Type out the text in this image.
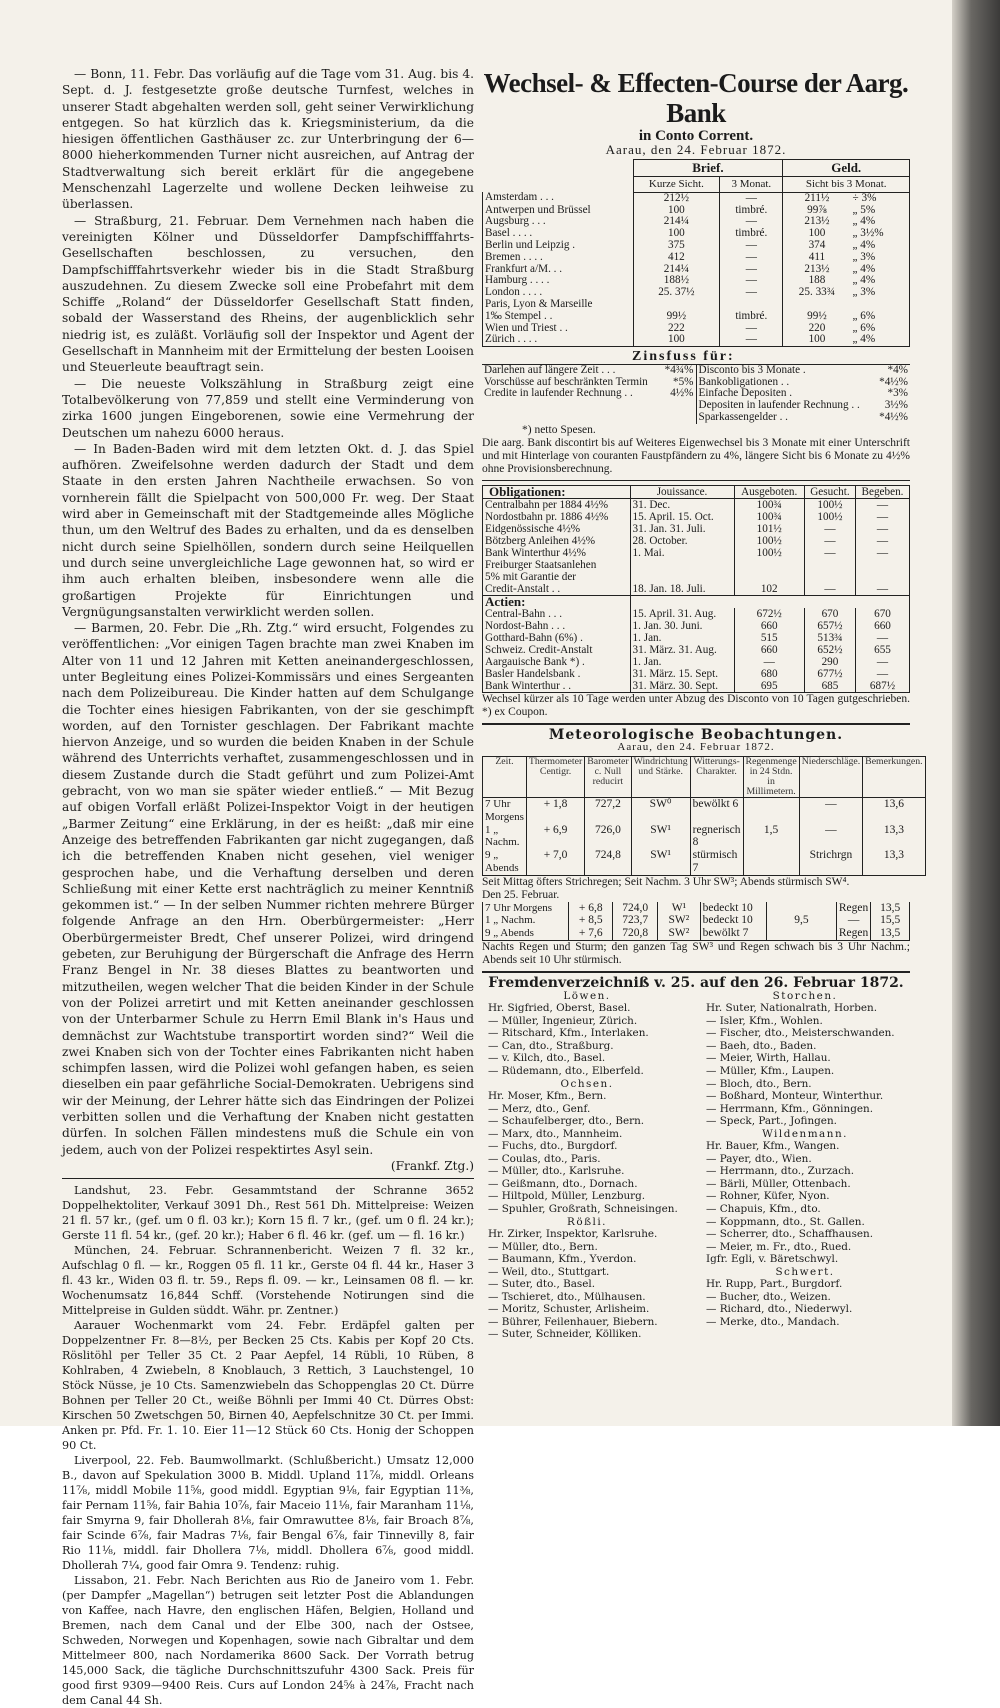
— Bonn, 11. Febr. Das vorläufig auf die Tage vom 31. Aug. bis 4. Sept. d. J. festgesetzte große deutsche Turnfest, welches in unserer Stadt abgehalten werden soll, geht seiner Verwirklichung entgegen. So hat kürzlich das k. Kriegsministerium, da die hiesigen öffentlichen Gasthäuser zc. zur Unterbringung der 6—8000 hieherkommenden Turner nicht ausreichen, auf Antrag der Stadtverwaltung sich bereit erklärt für die angegebene Menschenzahl Lagerzelte und wollene Decken leihweise zu überlassen.

— Straßburg, 21. Februar. Dem Vernehmen nach haben die vereinigten Kölner und Düsseldorfer Dampfschifffahrts-Gesellschaften beschlossen, zu versuchen, den Dampfschifffahrtsverkehr wieder bis in die Stadt Straßburg auszudehnen. Zu diesem Zwecke soll eine Probefahrt mit dem Schiffe „Roland“ der Düsseldorfer Gesellschaft Statt finden, sobald der Wasserstand des Rheins, der augenblicklich sehr niedrig ist, es zuläßt. Vorläufig soll der Inspektor und Agent der Gesellschaft in Mannheim mit der Ermittelung der besten Looisen und Steuerleute beauftragt sein.

— Die neueste Volkszählung in Straßburg zeigt eine Totalbevölkerung von 77,859 und stellt eine Verminderung von zirka 1600 jungen Eingeborenen, sowie eine Vermehrung der Deutschen um nahezu 6000 heraus.

— In Baden-Baden wird mit dem letzten Okt. d. J. das Spiel aufhören. Zweifelsohne werden dadurch der Stadt und dem Staate in den ersten Jahren Nachtheile erwachsen. So von vornherein fällt die Spielpacht von 500,000 Fr. weg. Der Staat wird aber in Gemeinschaft mit der Stadtgemeinde alles Mögliche thun, um den Weltruf des Bades zu erhalten, und da es denselben nicht durch seine Spielhöllen, sondern durch seine Heilquellen und durch seine unvergleichliche Lage gewonnen hat, so wird er ihm auch erhalten bleiben, insbesondere wenn alle die großartigen Projekte für Einrichtungen und Vergnügungsanstalten verwirklicht werden sollen.

— Barmen, 20. Febr. Die „Rh. Ztg.“ wird ersucht, Folgendes zu veröffentlichen: „Vor einigen Tagen brachte man zwei Knaben im Alter von 11 und 12 Jahren mit Ketten aneinandergeschlossen, unter Begleitung eines Polizei-Kommissärs und eines Sergeanten nach dem Polizeibureau. Die Kinder hatten auf dem Schulgange die Tochter eines hiesigen Fabrikanten, von der sie geschimpft worden, auf den Tornister geschlagen. Der Fabrikant machte hiervon Anzeige, und so wurden die beiden Knaben in der Schule während des Unterrichts verhaftet, zusammengeschlossen und in diesem Zustande durch die Stadt geführt und zum Polizei-Amt gebracht, von wo man sie später wieder entließ.“ — Mit Bezug auf obigen Vorfall erläßt Polizei-Inspektor Voigt in der heutigen „Barmer Zeitung“ eine Erklärung, in der es heißt: „daß mir eine Anzeige des betreffenden Fabrikanten gar nicht zugegangen, daß ich die betreffenden Knaben nicht gesehen, viel weniger gesprochen habe, und die Verhaftung derselben und deren Schließung mit einer Kette erst nachträglich zu meiner Kenntniß gekommen ist.“ — In der selben Nummer richten mehrere Bürger folgende Anfrage an den Hrn. Oberbürgermeister: „Herr Oberbürgermeister Bredt, Chef unserer Polizei, wird dringend gebeten, zur Beruhigung der Bürgerschaft die Anfrage des Herrn Franz Bengel in Nr. 38 dieses Blattes zu beantworten und mitzutheilen, wegen welcher That die beiden Kinder in der Schule von der Polizei arretirt und mit Ketten aneinander geschlossen von der Unterbarmer Schule zu Herrn Emil Blank in's Haus und demnächst zur Wachtstube transportirt worden sind?“ Weil die zwei Knaben sich von der Tochter eines Fabrikanten nicht haben schimpfen lassen, wird die Polizei wohl gefangen haben, es seien dieselben ein paar gefährliche Social-Demokraten. Uebrigens sind wir der Meinung, der Lehrer hätte sich das Eindringen der Polizei verbitten sollen und die Verhaftung der Knaben nicht gestatten dürfen. In solchen Fällen mindestens muß die Schule ein von jedem, auch von der Polizei respektirtes Asyl sein.

(Frankf. Ztg.)

Landshut, 23. Febr. Gesammtstand der Schranne 3652 Doppelhektoliter, Verkauf 3091 Dh., Rest 561 Dh. Mittelpreise: Weizen 21 fl. 57 kr., (gef. um 0 fl. 03 kr.); Korn 15 fl. 7 kr., (gef. um 0 fl. 24 kr.); Gerste 11 fl. 54 kr., (gef. 20 kr.); Haber 6 fl. 46 kr. (gef. um — fl. 16 kr.)

München, 24. Februar. Schrannenbericht. Weizen 7 fl. 32 kr., Aufschlag 0 fl. — kr., Roggen 05 fl. 11 kr., Gerste 04 fl. 44 kr., Haser 3 fl. 43 kr., Widen 03 fl. tr. 59., Reps fl. 09. — kr., Leinsamen 08 fl. — kr. Wochenumsatz 16,844 Schff. (Vorstehende Notirungen sind die Mittelpreise in Gulden süddt. Währ. pr. Zentner.)

Aarauer Wochenmarkt vom 24. Febr. Erdäpfel galten per Doppelzentner Fr. 8—8½, per Becken 25 Cts. Kabis per Kopf 20 Cts. Röslitöhl per Teller 35 Ct. 2 Paar Aepfel, 14 Rübli, 10 Rüben, 8 Kohlraben, 4 Zwiebeln, 8 Knoblauch, 3 Rettich, 3 Lauchstengel, 10 Stöck Nüsse, je 10 Cts. Samenzwiebeln das Schoppenglas 20 Ct. Dürre Bohnen per Teller 20 Ct., weiße Böhnli per Immi 40 Ct. Dürres Obst: Kirschen 50 Zwetschgen 50, Birnen 40, Aepfelschnitze 30 Ct. per Immi. Anken pr. Pfd. Fr. 1. 10. Eier 11—12 Stück 60 Cts. Honig der Schoppen 90 Ct.

Liverpool, 22. Feb. Baumwollmarkt. (Schlußbericht.) Umsatz 12,000 B., davon auf Spekulation 3000 B. Middl. Upland 11⅞, middl. Orleans 11⅞, middl Mobile 11⅝, good middl. Egyptian 9⅛, fair Egyptian 11⅜, fair Pernam 11⅝, fair Bahia 10⅞, fair Maceio 11⅛, fair Maranham 11⅛, fair Smyrna 9, fair Dhollerah 8⅛, fair Omrawuttee 8⅛, fair Broach 8⅞, fair Scinde 6⅞, fair Madras 7⅛, fair Bengal 6⅞, fair Tinnevilly 8, fair Rio 11⅛, middl. fair Dhollera 7⅛, middl. Dhollera 6⅞, good middl. Dhollerah 7¼, good fair Omra 9. Tendenz: ruhig.

Lissabon, 21. Febr. Nach Berichten aus Rio de Janeiro vom 1. Febr. (per Dampfer „Magellan“) betrugen seit letzter Post die Ablandungen von Kaffee, nach Havre, den englischen Häfen, Belgien, Holland und Bremen, nach dem Canal und der Elbe 300, nach der Ostsee, Schweden, Norwegen und Kopenhagen, sowie nach Gibraltar und dem Mittelmeer 800, nach Nordamerika 8600 Sack. Der Vorrath betrug 145,000 Sack, die tägliche Durchschnittszufuhr 4300 Sack. Preis für good first 9309—9400 Reis. Curs auf London 24⅝ à 24⅞, Fracht nach dem Canal 44 Sh.

Wechsel- & Effecten-Course der Aarg. Bank
in Conto Corrent.
Aarau, den 24. Februar 1872.
	Brief.		Geld.	
	Kurze Sicht.	3 Monat.	Sicht bis 3 Monat.	
Amsterdam . . .	212½	—	211½	÷ 3%
Antwerpen und Brüssel	100	timbré.	99⅞	„ 5%
Augsburg . . .	214¼	—	213½	„ 4%
Basel . . . .	100	timbré.	100	„ 3½%
Berlin und Leipzig .	375	—	374	„ 4%
Bremen . . . .	412	—	411	„ 3%
Frankfurt a/M. . .	214¼	—	213½	„ 4%
Hamburg . . . .	188½	—	188	„ 4%
London . . . .	25. 37½	—	25. 33¾	„ 3%
Paris, Lyon & Marseille				
1‰ Stempel . .	99½	timbré.	99½	„ 6%
Wien und Triest . .	222	—	220	„ 6%
Zürich . . . .	100	—	100	„ 4%
Zinsfuss für:
Darlehen auf längere Zeit . . .	*4¾%
Vorschüsse auf beschränkten Termin	*5%
Credite in laufender Rechnung . .	4½%

Disconto bis 3 Monate .	*4%
Bankobligationen . .	*4½%
Einfache Depositen .	*3%
Depositen in laufender Rechnung . .	3½%
Sparkassengelder . .	*4½%
*) netto Spesen.
Die aarg. Bank discontirt bis auf Weiteres Eigenwechsel bis 3 Monate mit einer Unterschrift und mit Hinterlage von couranten Faustpfändern zu 4%, längere Sicht bis 6 Monate zu 4½% ohne Provisionsberechnung.
Obligationen:	Jouissance.	Ausgeboten.	Gesucht.	Begeben.
Centralbahn per 1884 4½%	31. Dec.	100¾	100½	—
Nordostbahn pr. 1886 4½%	15. April. 15. Oct.	100¾	100½	—
Eidgenössische 4½%	31. Jan. 31. Juli.	101½	—	—
Bötzberg Anleihen 4½%	28. October.	100½	—	—
Bank Winterthur 4½%	1. Mai.	100½	—	—
Freiburger Staatsanlehen				
5% mit Garantie der				
Credit-Anstalt . .	18. Jan. 18. Juli.	102	—	—
Actien:				
Central-Bahn . . .	15. April. 31. Aug.	672½	670	670
Nordost-Bahn . . .	1. Jan. 30. Juni.	660	657½	660
Gotthard-Bahn (6%) .	1. Jan.	515	513¾	—
Schweiz. Credit-Anstalt	31. März. 31. Aug.	660	652½	655
Aargauische Bank *) .	1. Jan.	—	290	—
Basler Handelsbank .	31. März. 15. Sept.	680	677½	—
Bank Winterthur . .	31. März. 30. Sept.	695	685	687½
Wechsel kürzer als 10 Tage werden unter Abzug des Disconto von 10 Tagen gutgeschrieben. *) ex Coupon.
Meteorologische Beobachtungen.
Aarau, den 24. Februar 1872.
Zeit.	Thermometer Centigr.	Barometer c. Null reducirt	Windrichtung und Stärke.	Witterungs-Charakter.	Regenmenge in 24 Stdn. in Millimetern.	Niederschläge.	Bemerkungen.
7 Uhr Morgens	+ 1,8	727,2	SW⁰	bewölkt 6		—	13,6
1 „ Nachm.	+ 6,9	726,0	SW¹	regnerisch 8	1,5	—	13,3
9 „ Abends	+ 7,0	724,8	SW¹	stürmisch 7		Strichrgn	13,3
Seit Mittag öfters Strichregen; Seit Nachm. 3 Uhr SW³; Abends stürmisch SW⁴.
Den 25. Februar.
7 Uhr Morgens	+ 6,8	724,0	W¹	bedeckt 10		Regen	13,5
1 „ Nachm.	+ 8,5	723,7	SW²	bedeckt 10	9,5	—	15,5
9 „ Abends	+ 7,6	720,8	SW²	bewölkt 7		Regen	13,5
Nachts Regen und Sturm; den ganzen Tag SW³ und Regen schwach bis 3 Uhr Nachm.; Abends seit 10 Uhr stürmisch.
Fremdenverzeichniß v. 25. auf den 26. Februar 1872.
Löwen.
Hr. Sigfried, Oberst, Basel.
— Müller, Ingenieur, Zürich.
— Ritschard, Kfm., Interlaken.
— Can, dto., Straßburg.
— v. Kilch, dto., Basel.
— Rüdemann, dto., Elberfeld.
Ochsen.
Hr. Moser, Kfm., Bern.
— Merz, dto., Genf.
— Schaufelberger, dto., Bern.
— Marx, dto., Mannheim.
— Fuchs, dto., Burgdorf.
— Coulas, dto., Paris.
— Müller, dto., Karlsruhe.
— Geißmann, dto., Dornach.
— Hiltpold, Müller, Lenzburg.
— Spuhler, Großrath, Schneisingen.
Rößli.
Hr. Zirker, Inspektor, Karlsruhe.
— Müller, dto., Bern.
— Baumann, Kfm., Yverdon.
— Weil, dto., Stuttgart.
— Suter, dto., Basel.
— Tschieret, dto., Mülhausen.
— Moritz, Schuster, Arlisheim.
— Bührer, Feilenhauer, Biebern.
— Suter, Schneider, Kölliken.
Storchen.
Hr. Suter, Nationalrath, Horben.
— Isler, Kfm., Wohlen.
— Fischer, dto., Meisterschwanden.
— Baeh, dto., Baden.
— Meier, Wirth, Hallau.
— Müller, Kfm., Laupen.
— Bloch, dto., Bern.
— Boßhard, Monteur, Winterthur.
— Herrmann, Kfm., Gönningen.
— Speck, Part., Jofingen.
Wildenmann.
Hr. Bauer, Kfm., Wangen.
— Payer, dto., Wien.
— Herrmann, dto., Zurzach.
— Bärli, Müller, Ottenbach.
— Rohner, Küfer, Nyon.
— Chapuis, Kfm., dto.
— Koppmann, dto., St. Gallen.
— Scherrer, dto., Schaffhausen.
— Meier, m. Fr., dto., Rued.
Igfr. Egli, v. Bäretschwyl.
Schwert.
Hr. Rupp, Part., Burgdorf.
— Bucher, dto., Weizen.
— Richard, dto., Niederwyl.
— Merke, dto., Mandach.
